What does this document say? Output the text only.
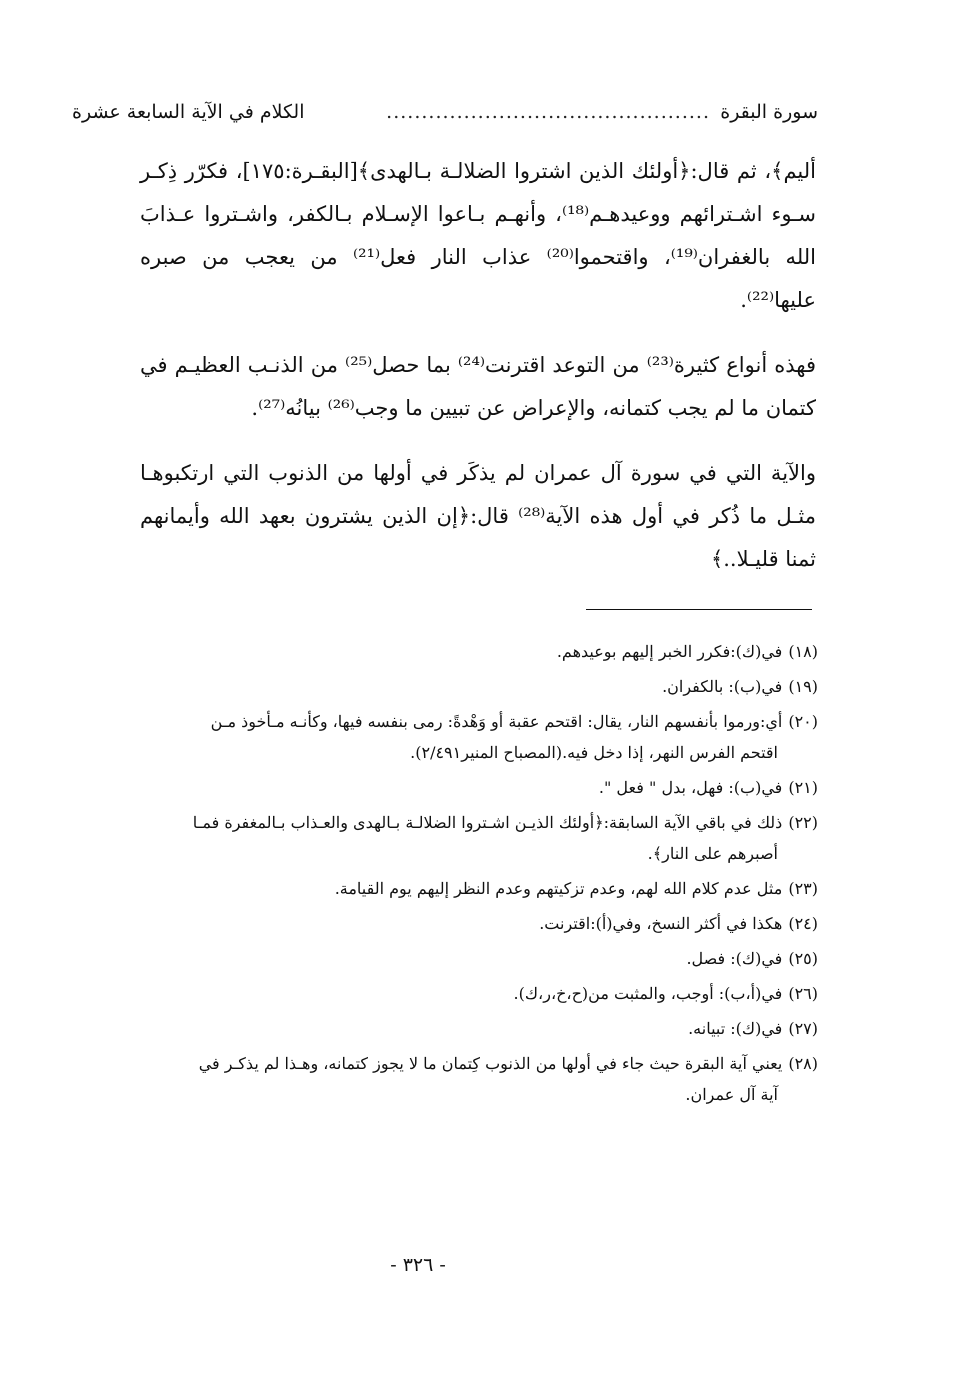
سورة البقرة
..............................................
الكلام في الآية السابعة عشرة

أليم﴾، ثم قال:﴿أولئك الذين اشتروا الضلالـة بـالهدى﴾[البقـرة:١٧٥]، فكرّر ذِكـر سـوء اشـترائهم ووعيدهـم⁽¹⁸⁾، وأنهـم بـاعوا الإسـلام بـالكفر، واشـتروا عـذابَ الله بالغفران⁽¹⁹⁾، واقتحموا⁽²⁰⁾ عذاب النار فعل⁽²¹⁾ من يعجب من صبره عليها⁽²²⁾.

فهذه أنواع كثيرة⁽²³⁾ من التوعد اقترنت⁽²⁴⁾ بما حصل⁽²⁵⁾ من الذنـب العظيـم في كتمان ما لم يجب كتمانه، والإعراض عن تبيين ما وجب⁽²⁶⁾ بيانُه⁽²⁷⁾.

والآية التي في سورة آل عمران لم يذكَر في أولها من الذنوب التي ارتكبوهـا مثـل ما ذُكر في أول هذه الآية⁽²⁸⁾ قال:﴿إن الذين يشترون بعهد الله وأيمانهم ثمنا قليـلا..﴾

(١٨)في(ك):فكرر الخبر إليهم بوعيدهم.
(١٩)في(ب): بالكفران.
(٢٠)أي:ورموا بأنفسهم النار، يقال: اقتحم عقبة أو وَهْدةً: رمى بنفسه فيها، وكأنـه مـأخوذ مـن
اقتحم الفرس النهر، إذا دخل فيه.(المصباح المنير٢/٤٩١).
(٢١)في(ب): فهل، بدل " فعل ".
(٢٢)ذلك في باقي الآية السابقة:﴿أولئك الذيـن اشـتروا الضلالـة بـالهدى والعـذاب بـالمغفرة فمـا
أصبرهم على النار﴾.
(٢٣)مثل عدم كلام الله لهم، وعدم تزكيتهم وعدم النظر إليهم يوم القيامة.
(٢٤)هكذا في أكثر النسخ، وفي(أ):اقترنت.
(٢٥)في(ك): فصل.
(٢٦)في(أ،ب): أوجب، والمثبت من(ح،خ،ر،ك).
(٢٧)في(ك): تبيانه.
(٢٨)يعني آية البقرة حيث جاء في أولها من الذنوب كِتمان ما لا يجوز كتمانه، وهـذا لم يذكـر في
آية آل عمران.
- ٣٢٦ -
